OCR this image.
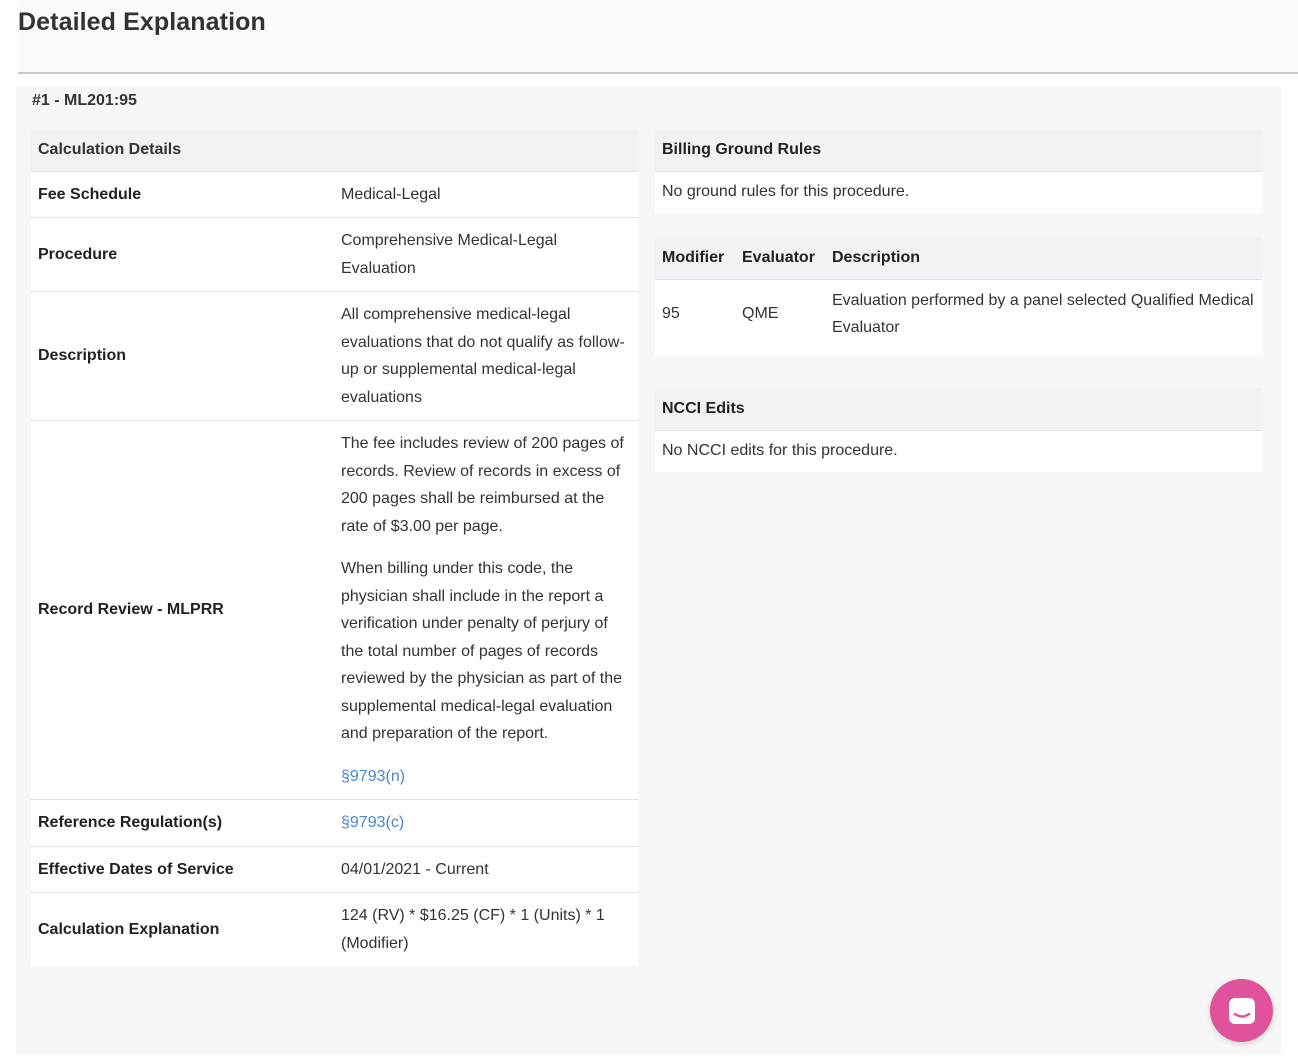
Detailed Explanation
#1 - ML201:95
Calculation Details	
Fee Schedule	Medical-Legal
Procedure	Comprehensive Medical-Legal Evaluation
Description	All comprehensive medical-legal evaluations that do not qualify as follow-up or supplemental medical-legal evaluations
Record Review - MLPRR	The fee includes review of 200 pages of records. Review of records in excess of 200 pages shall be reimbursed at the rate of $3.00 per page.
When billing under this code, the physician shall include in the report a verification under penalty of perjury of the total number of pages of records reviewed by the physician as part of the supplemental medical-legal evaluation and preparation of the report.
§9793(n)

Reference Regulation(s)	§9793(c)
Effective Dates of Service	04/01/2021 - Current
Calculation Explanation	124 (RV) * $16.25 (CF) * 1 (Units) * 1 (Modifier)
Billing Ground Rules
No ground rules for this procedure.
Modifier	Evaluator	Description
95	QME	Evaluation performed by a panel selected Qualified Medical Evaluator
NCCI Edits
No NCCI edits for this procedure.
